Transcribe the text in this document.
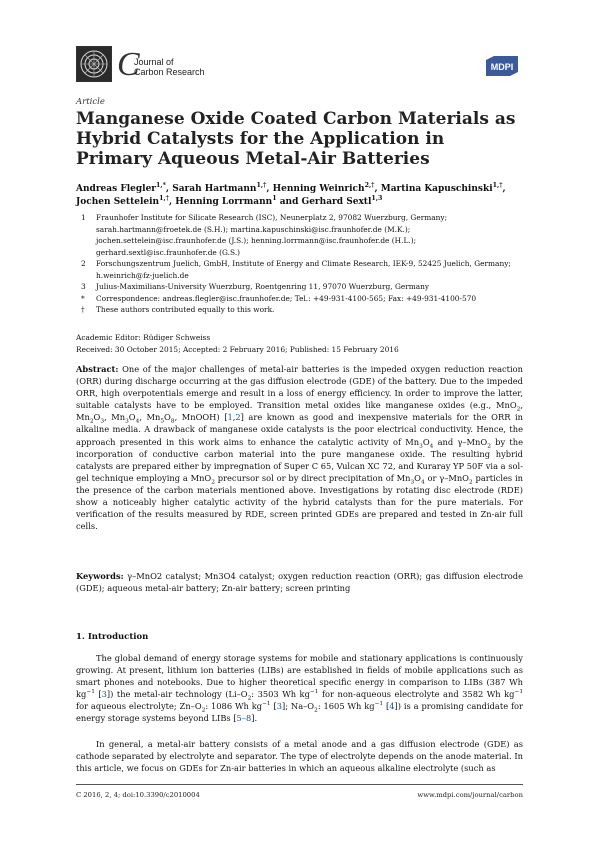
C
Journal of
Carbon Research	MDPI
Article
Manganese Oxide Coated Carbon Materials as Hybrid Catalysts for the Application in Primary Aqueous Metal-Air Batteries
Andreas Flegler$^{1,*}$, Sarah Hartmann$^{1,\dagger}$, Henning Weinrich$^{2,\dagger}$, Martina Kapuschinski$^{1,\dagger}$, Jochen Settelein$^{1,\dagger}$, Henning Lorrmann$^1$ and Gerhard Sextl$^{1,3}$
1	Fraunhofer Institute for Silicate Research (ISC), Neunerplatz 2, 97082 Wuerzburg, Germany; sarah.hartmann@froetek.de (S.H.); martina.kapuschinski@isc.fraunhofer.de (M.K.); jochen.settelein@isc.fraunhofer.de (J.S.); henning.lorrmann@isc.fraunhofer.de (H.L.); gerhard.sextl@isc.fraunhofer.de (G.S.)
2	Forschungszentrum Juelich, GmbH, Institute of Energy and Climate Research, IEK-9, 52425 Juelich, Germany; h.weinrich@fz-juelich.de
3	Julius-Maximilians-University Wuerzburg, Roentgenring 11, 97070 Wuerzburg, Germany
*	Correspondence: andreas.flegler@isc.fraunhofer.de; Tel.: +49-931-4100-565; Fax: +49-931-4100-570
†	These authors contributed equally to this work.
Academic Editor: Rüdiger Schweiss
Received: 30 October 2015; Accepted: 2 February 2016; Published: 15 February 2016
Abstract: One of the major challenges of metal-air batteries is the impeded oxygen reduction reaction (ORR) during discharge occurring at the gas diffusion electrode (GDE) of the battery. Due to the impeded ORR, high overpotentials emerge and result in a loss of energy efficiency. In order to improve the latter, suitable catalysts have to be employed. Transition metal oxides like manganese oxides (e.g., MnO$_2$, $Mn_2O_3$, $Mn_3O_4$, $Mn_5O_8$, MnOOH) [1,2] are known as good and inexpensive materials for the ORR in alkaline media. A drawback of manganese oxide catalysts is the poor electrical conductivity. Hence, the approach presented in this work aims to enhance the catalytic activity of $Mn_3O_4$ and γ–MnO$_2$ by the incorporation of conductive carbon material into the pure manganese oxide. The resulting hybrid catalysts are prepared either by impregnation of Super C 65, Vulcan XC 72, and Kuraray YP 50F via a sol-gel technique employing a MnO$_2$ precursor sol or by direct precipitation of $Mn_3O_4$ or γ–MnO$_2$ particles in the presence of the carbon materials mentioned above. Investigations by rotating disc electrode (RDE) show a noticeably higher catalytic activity of the hybrid catalysts than for the pure materials. For verification of the results measured by RDE, screen printed GDEs are prepared and tested in Zn-air full cells.
Keywords: γ–MnO2 catalyst; Mn3O4 catalyst; oxygen reduction reaction (ORR); gas diffusion electrode (GDE); aqueous metal-air battery; Zn-air battery; screen printing
1. Introduction
The global demand of energy storage systems for mobile and stationary applications is continuously growing. At present, lithium ion batteries (LIBs) are established in fields of mobile applications such as smart phones and notebooks. Due to higher theoretical specific energy in comparison to LIBs (387 Wh $kg^{-1}$ [3]) the metal-air technology ($Li-O_2$: 3503 Wh $kg^{-1}$ for non-aqueous electrolyte and 3582 Wh $kg^{-1}$ for aqueous electrolyte; $Zn-O_2$: 1086 Wh $kg^{-1}$ [3]; $Na-O_2$: 1605 Wh $kg^{-1}$ [4]) is a promising candidate for energy storage systems beyond LIBs [5–8].
In general, a metal-air battery consists of a metal anode and a gas diffusion electrode (GDE) as cathode separated by electrolyte and separator. The type of electrolyte depends on the anode material. In this article, we focus on GDEs for Zn-air batteries in which an aqueous alkaline electrolyte (such as
C 2016, 2, 4; doi:10.3390/c2010004	www.mdpi.com/journal/carbon
